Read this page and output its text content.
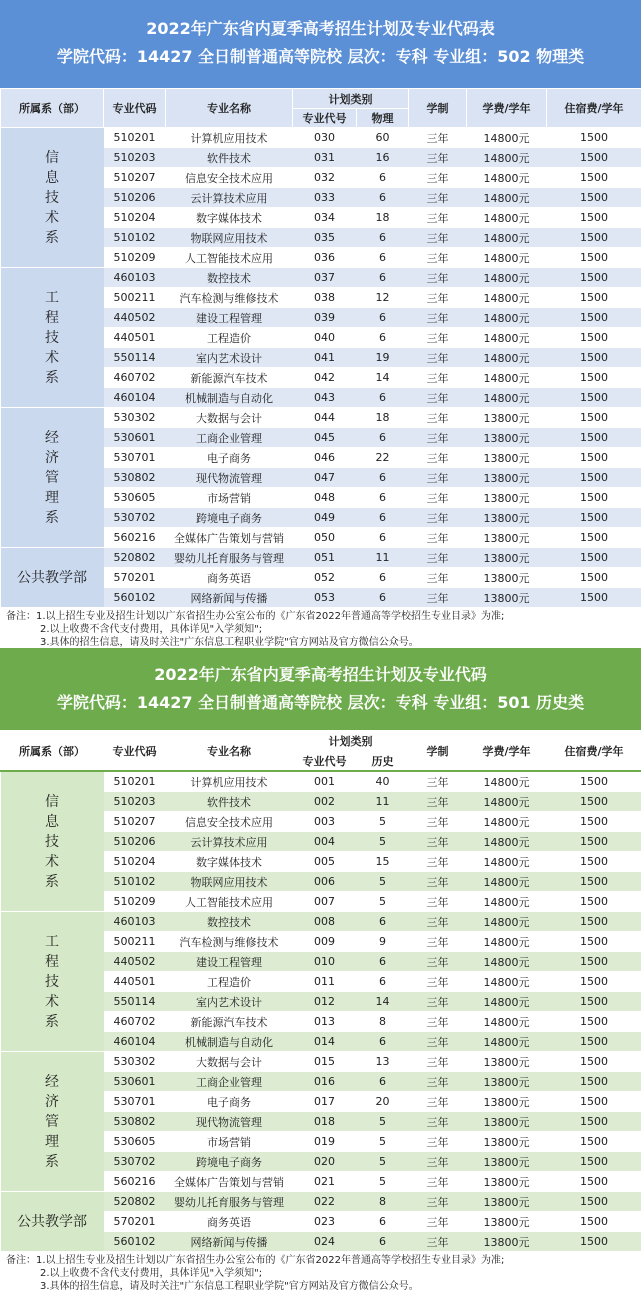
2022年广东省内夏季高考招生计划及专业代码表
学院代码：14427 全日制普通高等院校 层次：专科 专业组：502 物理类
所属系（部）	专业代码	专业名称	计划类别		学制	学费/学年	住宿费/学年
			专业代号	物理			

信息技术系	510201	计算机应用技术	030	60	三年	14800元	1500
	510203	软件技术	031	16	三年	14800元	1500
	510207	信息安全技术应用	032	6	三年	14800元	1500
	510206	云计算技术应用	033	6	三年	14800元	1500
	510204	数字媒体技术	034	18	三年	14800元	1500
	510102	物联网应用技术	035	6	三年	14800元	1500
	510209	人工智能技术应用	036	6	三年	14800元	1500

工程技术系	460103	数控技术	037	6	三年	14800元	1500
	500211	汽车检测与维修技术	038	12	三年	14800元	1500
	440502	建设工程管理	039	6	三年	14800元	1500
	440501	工程造价	040	6	三年	14800元	1500
	550114	室内艺术设计	041	19	三年	14800元	1500
	460702	新能源汽车技术	042	14	三年	14800元	1500
	460104	机械制造与自动化	043	6	三年	14800元	1500

经济管理系	530302	大数据与会计	044	18	三年	13800元	1500
	530601	工商企业管理	045	6	三年	13800元	1500
	530701	电子商务	046	22	三年	13800元	1500
	530802	现代物流管理	047	6	三年	13800元	1500
	530605	市场营销	048	6	三年	13800元	1500
	530702	跨境电子商务	049	6	三年	13800元	1500
	560216	全媒体广告策划与营销	050	6	三年	13800元	1500

公共教学部	520802	婴幼儿托育服务与管理	051	11	三年	13800元	1500
	570201	商务英语	052	6	三年	13800元	1500
	560102	网络新闻与传播	053	6	三年	13800元	1500
备注：1.以上招生专业及招生计划以广东省招生办公室公布的《广东省2022年普通高等学校招生专业目录》为准;
2.以上收费不含代支付费用，具体详见"入学须知";
3.具体的招生信息，请及时关注"广东信息工程职业学院"官方网站及官方微信公众号。
2022年广东省内夏季高考招生计划及专业代码
学院代码：14427 全日制普通高等院校 层次：专科 专业组：501 历史类
所属系（部）	专业代码	专业名称	计划类别		学制	学费/学年	住宿费/学年
			专业代号	历史			

信息技术系	510201	计算机应用技术	001	40	三年	14800元	1500
	510203	软件技术	002	11	三年	14800元	1500
	510207	信息安全技术应用	003	5	三年	14800元	1500
	510206	云计算技术应用	004	5	三年	14800元	1500
	510204	数字媒体技术	005	15	三年	14800元	1500
	510102	物联网应用技术	006	5	三年	14800元	1500
	510209	人工智能技术应用	007	5	三年	14800元	1500

工程技术系	460103	数控技术	008	6	三年	14800元	1500
	500211	汽车检测与维修技术	009	9	三年	14800元	1500
	440502	建设工程管理	010	6	三年	14800元	1500
	440501	工程造价	011	6	三年	14800元	1500
	550114	室内艺术设计	012	14	三年	14800元	1500
	460702	新能源汽车技术	013	8	三年	14800元	1500
	460104	机械制造与自动化	014	6	三年	14800元	1500

经济管理系	530302	大数据与会计	015	13	三年	13800元	1500
	530601	工商企业管理	016	6	三年	13800元	1500
	530701	电子商务	017	20	三年	13800元	1500
	530802	现代物流管理	018	5	三年	13800元	1500
	530605	市场营销	019	5	三年	13800元	1500
	530702	跨境电子商务	020	5	三年	13800元	1500
	560216	全媒体广告策划与营销	021	5	三年	13800元	1500

公共教学部	520802	婴幼儿托育服务与管理	022	8	三年	13800元	1500
	570201	商务英语	023	6	三年	13800元	1500
	560102	网络新闻与传播	024	6	三年	13800元	1500
备注：1.以上招生专业及招生计划以广东省招生办公室公布的《广东省2022年普通高等学校招生专业目录》为准;
2.以上收费不含代支付费用，具体详见"入学须知";
3.具体的招生信息，请及时关注"广东信息工程职业学院"官方网站及官方微信公众号。
